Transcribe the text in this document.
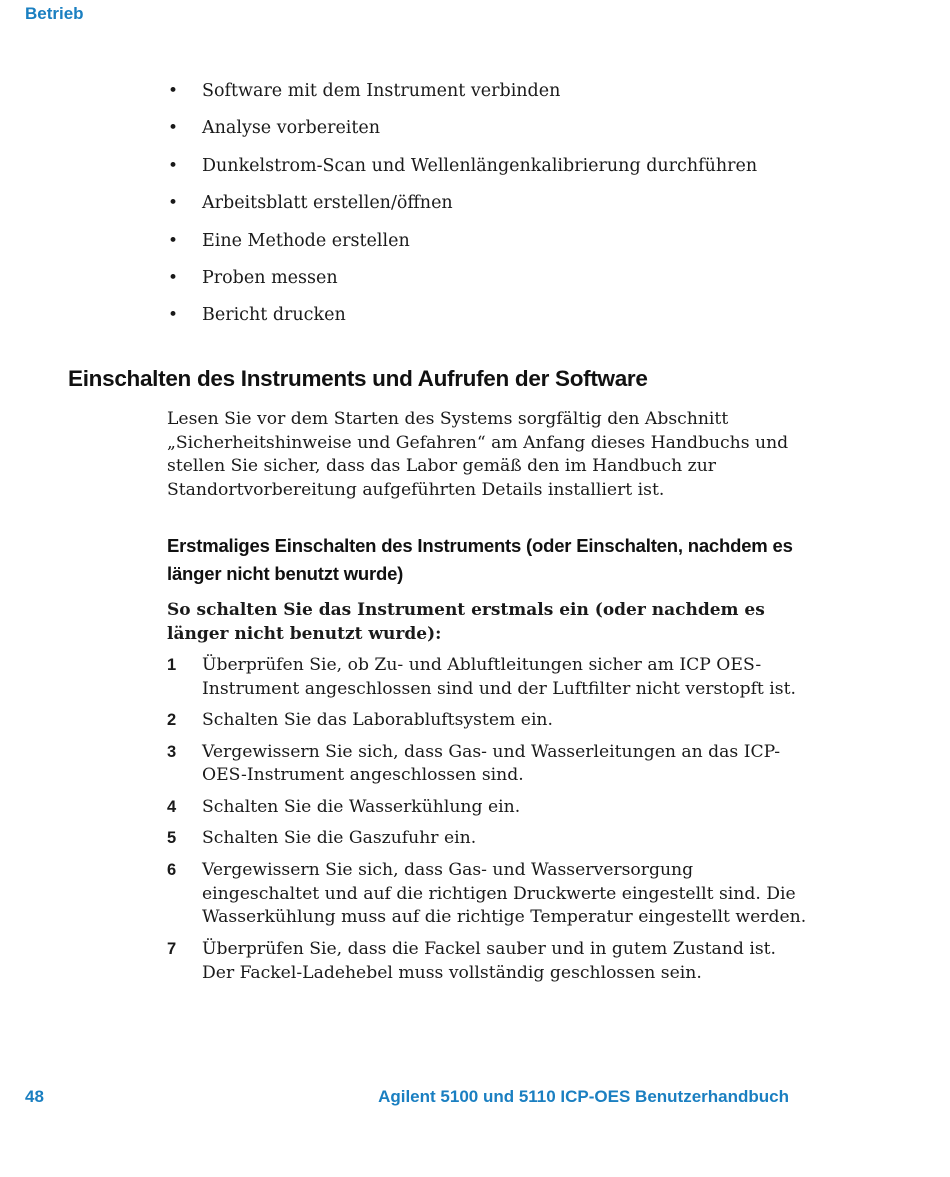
Betrieb
• Software mit dem Instrument verbinden
• Analyse vorbereiten
• Dunkelstrom-Scan und Wellenlängenkalibrierung durchführen
• Arbeitsblatt erstellen/öffnen
• Eine Methode erstellen
• Proben messen
• Bericht drucken
Einschalten des Instruments und Aufrufen der Software

Lesen Sie vor dem Starten des Systems sorgfältig den Abschnitt „Sicherheitshinweise und Gefahren“ am Anfang dieses Handbuchs und stellen Sie sicher, dass das Labor gemäß den im Handbuch zur Standortvorbereitung aufgeführten Details installiert ist.

Erstmaliges Einschalten des Instruments (oder Einschalten, nachdem es länger nicht benutzt wurde)

So schalten Sie das Instrument erstmals ein (oder nachdem es länger nicht benutzt wurde):

1 Überprüfen Sie, ob Zu- und Abluftleitungen sicher am ICP OES-Instrument angeschlossen sind und der Luftfilter nicht verstopft ist.
2 Schalten Sie das Laborabluftsystem ein.
3 Vergewissern Sie sich, dass Gas- und Wasserleitungen an das ICP-OES-Instrument angeschlossen sind.
4 Schalten Sie die Wasserkühlung ein.
5 Schalten Sie die Gaszufuhr ein.
6 Vergewissern Sie sich, dass Gas- und Wasserversorgung eingeschaltet und auf die richtigen Druckwerte eingestellt sind. Die Wasserkühlung muss auf die richtige Temperatur eingestellt werden.
7 Überprüfen Sie, dass die Fackel sauber und in gutem Zustand ist. Der Fackel-Ladehebel muss vollständig geschlossen sein.
48	Agilent 5100 und 5110 ICP-OES Benutzerhandbuch
